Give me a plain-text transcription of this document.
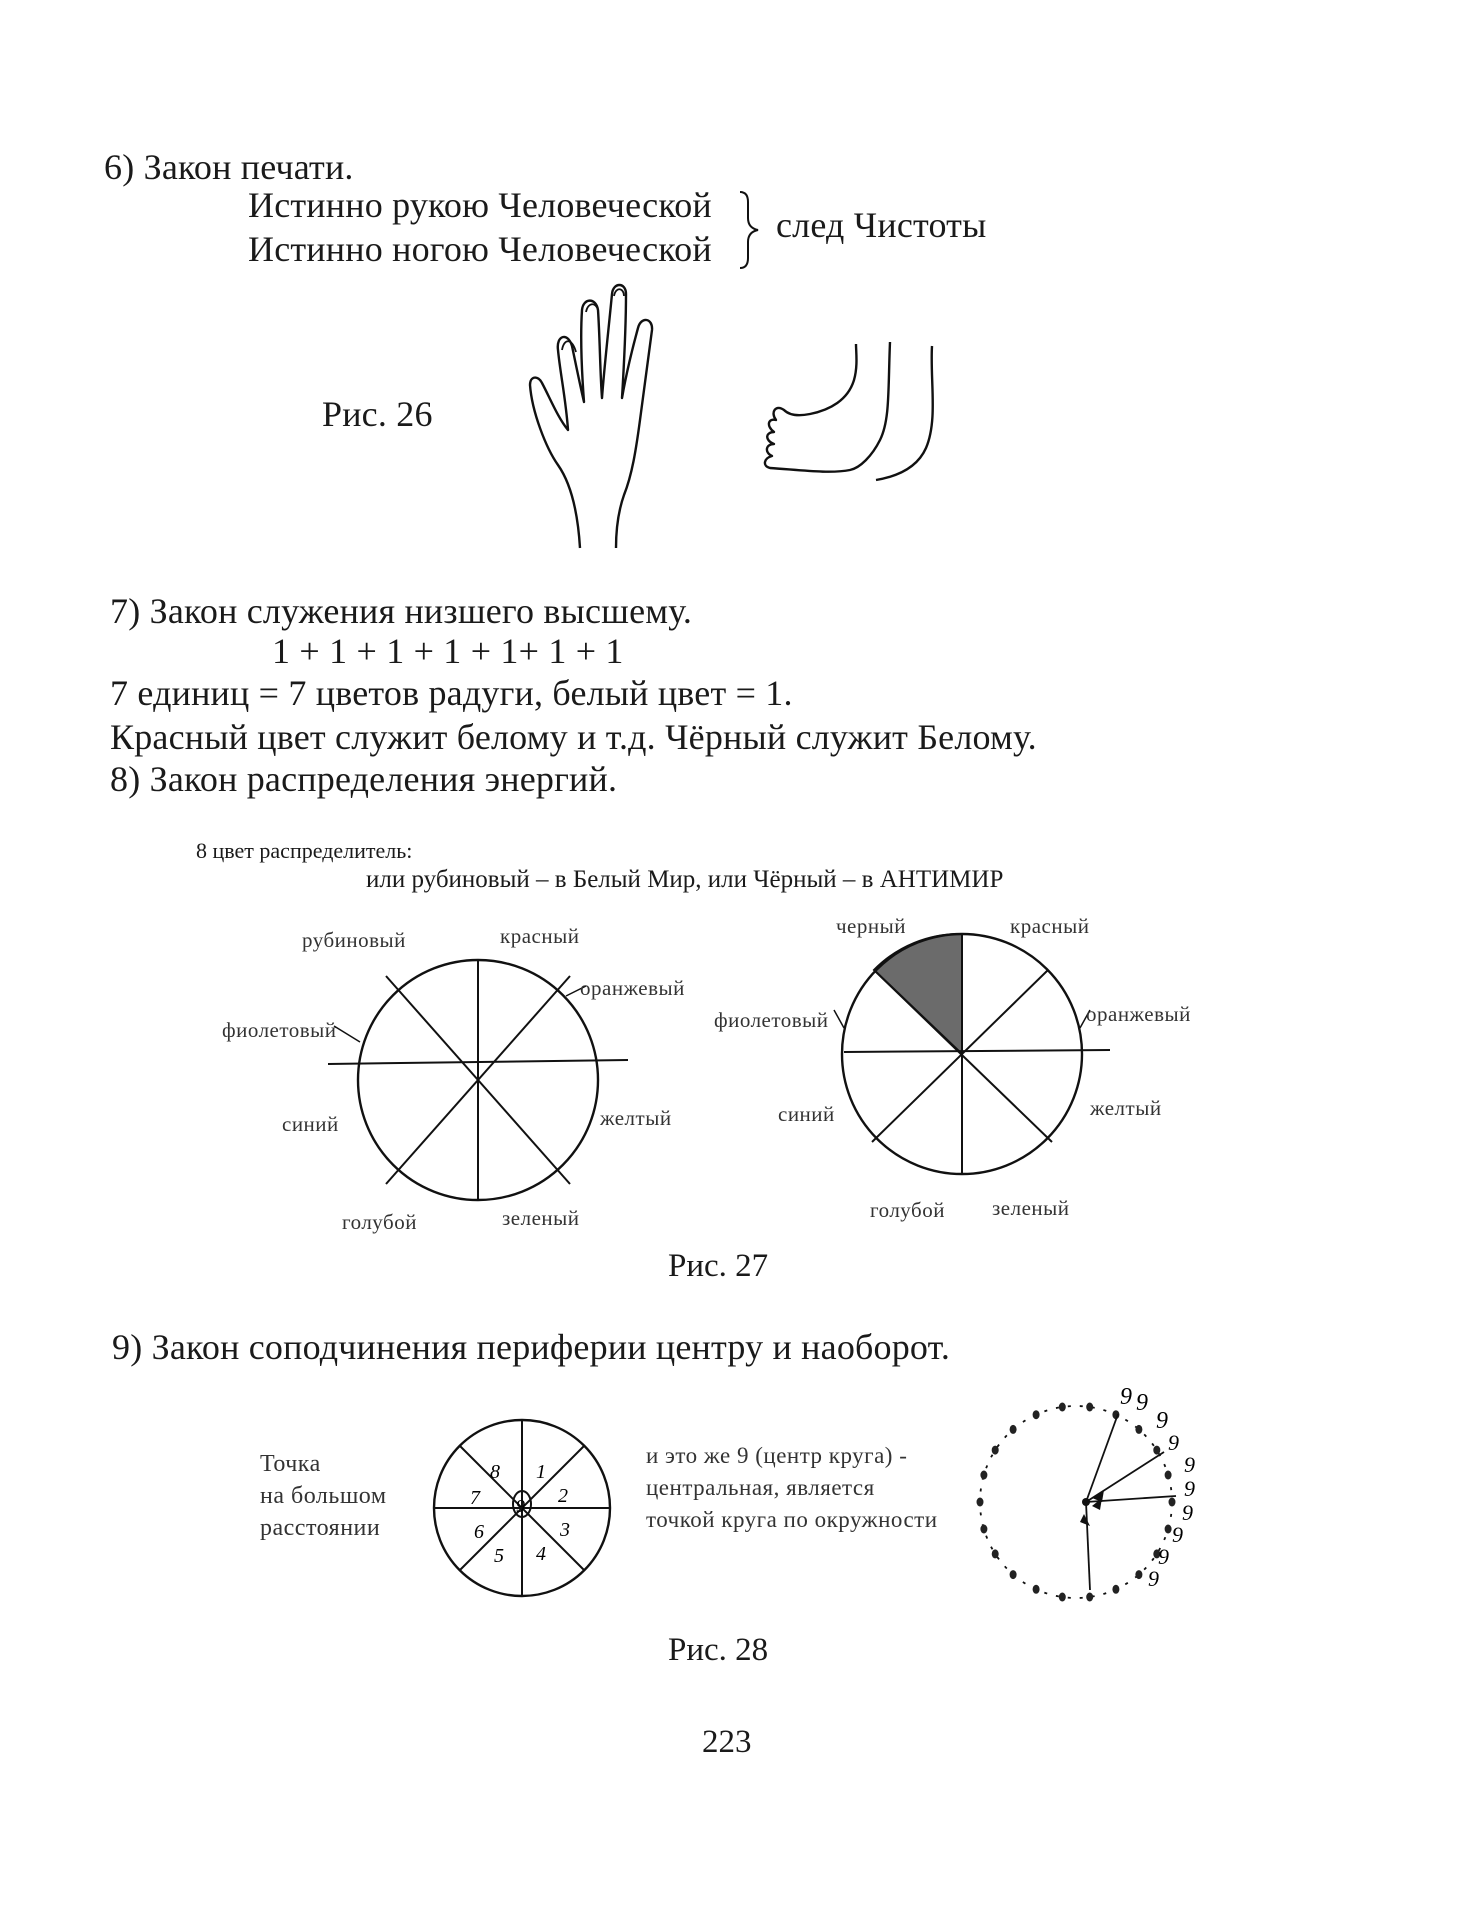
6) Закон печати.
Истинно рукою Человеческой
Истинно ногою Человеческой
след Чистоты
Рис. 26
7) Закон служения низшего высшему.
1 + 1 + 1 + 1 + 1+ 1 + 1
7 единиц = 7 цветов радуги, белый цвет = 1.
Красный цвет служит белому и т.д. Чёрный служит Белому.
8) Закон распределения энергий.
8 цвет распределитель:
или рубиновый – в Белый Мир, или Чёрный – в АНТИМИР
рубиновый	красный
оранжевый
фиолетовый
синий	желтый
голубой	зеленый
черный	красный
фиолетовый	оранжевый
синий	желтый
голубой зеленый
Рис. 27
9) Закон соподчинения периферии центру и наоборот.
Точка
на большом
расстоянии
9
8 1
7	2
6	3
5 4
и это же 9 (центр круга) -
центральная, является
точкой круга по окружности
9 9
9
9
9
9
9
9
9
9
Рис. 28
223
